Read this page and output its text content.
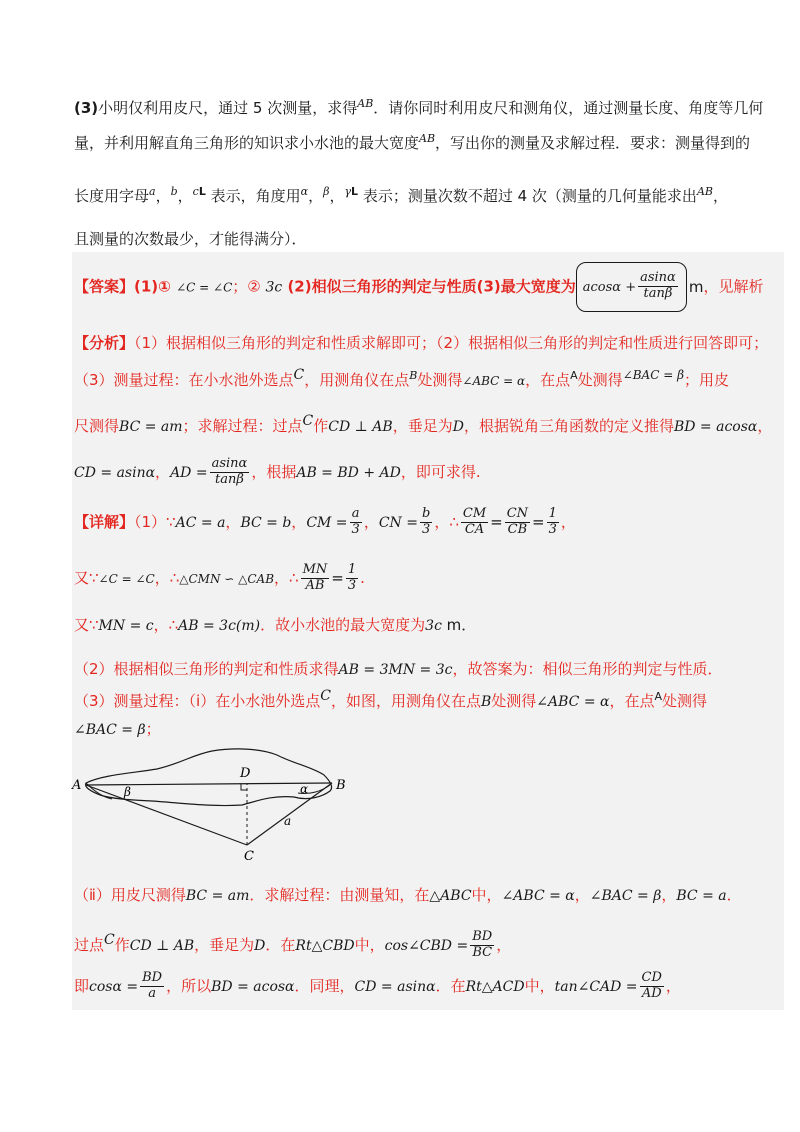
(3)小明仅利用皮尺，通过 5 次测量，求得$^{AB}$．请你同时利用皮尺和测角仪，通过测量长度、角度等几何
量，并利用解直角三角形的知识求小水池的最大宽度$^{AB}$，写出你的测量及求解过程．要求：测量得到的
长度用字母$^a$，$^b$，$^{cL}$ 表示，角度用$^\alpha$，$^\beta$，$^{\gamma L}$ 表示；测量次数不超过 4 次（测量的几何量能求出$^{AB}$，
且测量的次数最少，才能得满分）．
【答案】(1)① ∠C = ∠C；② 3c (2)相似三角形的判定与性质(3)最大宽度为 $acos\alpha + \frac{asin\alpha}{\tan\beta}$ m，见解析
【分析】（1）根据相似三角形的判定和性质求解即可；（2）根据相似三角形的判定和性质进行回答即可；
（3）测量过程：在小水池外选点C，用测角仪在点$^B$处测得∠ABC = α，在点$^A$处测得$^{\angle BAC = \beta}$；用皮
尺测得BC = am；求解过程：过点C作CD ⊥ AB，垂足为D，根据锐角三角函数的定义推得BD = acosα，
CD = asinα，AD = $\frac{asin\alpha}{\tan\beta}$ ，根据AB = BD + AD，即可求得.
【详解】（1）∵AC = a，BC = b，CM = $\frac{a}{3}$ ，CN = $\frac{b}{3}$ ，∴ $\frac{CM}{CA} = \frac{CN}{CB} = \frac{1}{3}$ ，
又∵∠C = ∠C，∴△CMN ∽ △CAB，∴ $\frac{MN}{AB} = \frac{1}{3}$ .
又∵MN = c，∴AB = 3c(m)．故小水池的最大宽度为3c m．
（2）根据相似三角形的判定和性质求得AB = 3MN = 3c，故答案为：相似三角形的判定与性质．
（3）测量过程：（ⅰ）在小水池外选点C，如图，用测角仪在点B处测得∠ABC = α，在点$^A$处测得
∠BAC = β；
A	B
C
D
β	α
a
（ⅱ）用皮尺测得BC = am．求解过程：由测量知，在△ABC中，∠ABC = α，∠BAC = β，BC = a．
过点C作CD ⊥ AB，垂足为D．在Rt△CBD中，cos∠CBD = $\frac{BD}{BC}$ ，
即$\cos\alpha = \frac{BD}{a}$ ，所以BD = acosα．同理，CD = asinα．在Rt△ACD中，tan∠CAD = $\frac{CD}{AD}$ ，
